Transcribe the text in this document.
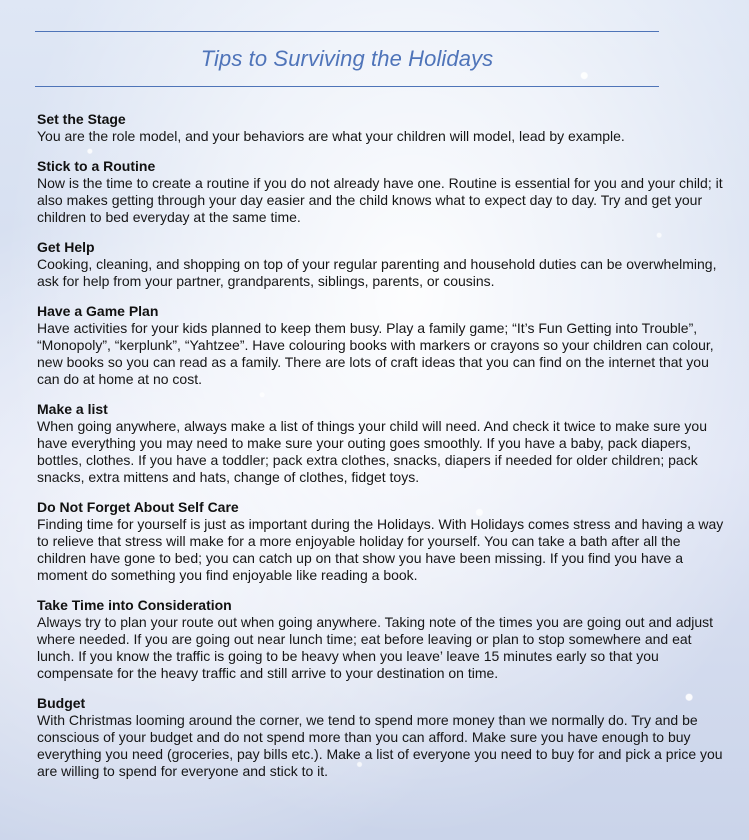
Tips to Surviving the Holidays
Set the Stage

You are the role model, and your behaviors are what your children will model, lead by example.

Stick to a Routine

Now is the time to create a routine if you do not already have one. Routine is essential for you and your child; it also makes getting through your day easier and the child knows what to expect day to day. Try and get your children to bed everyday at the same time.

Get Help

Cooking, cleaning, and shopping on top of your regular parenting and household duties can be overwhelming, ask for help from your partner, grandparents, siblings, parents, or cousins.

Have a Game Plan

Have activities for your kids planned to keep them busy. Play a family game; “It’s Fun Getting into Trouble”, “Monopoly”, “kerplunk”, “Yahtzee”. Have colouring books with markers or crayons so your children can colour, new books so you can read as a family. There are lots of craft ideas that you can find on the internet that you can do at home at no cost.

Make a list

When going anywhere, always make a list of things your child will need. And check it twice to make sure you have everything you may need to make sure your outing goes smoothly. If you have a baby, pack diapers, bottles, clothes. If you have a toddler; pack extra clothes, snacks, diapers if needed for older children; pack snacks, extra mittens and hats, change of clothes, fidget toys.

Do Not Forget About Self Care

Finding time for yourself is just as important during the Holidays. With Holidays comes stress and having a way to relieve that stress will make for a more enjoyable holiday for yourself. You can take a bath after all the children have gone to bed; you can catch up on that show you have been missing. If you find you have a moment do something you find enjoyable like reading a book.

Take Time into Consideration

Always try to plan your route out when going anywhere. Taking note of the times you are going out and adjust where needed. If you are going out near lunch time; eat before leaving or plan to stop somewhere and eat lunch. If you know the traffic is going to be heavy when you leave’ leave 15 minutes early so that you compensate for the heavy traffic and still arrive to your destination on time.

Budget

With Christmas looming around the corner, we tend to spend more money than we normally do. Try and be conscious of your budget and do not spend more than you can afford. Make sure you have enough to buy everything you need (groceries, pay bills etc.). Make a list of everyone you need to buy for and pick a price you are willing to spend for everyone and stick to it.
